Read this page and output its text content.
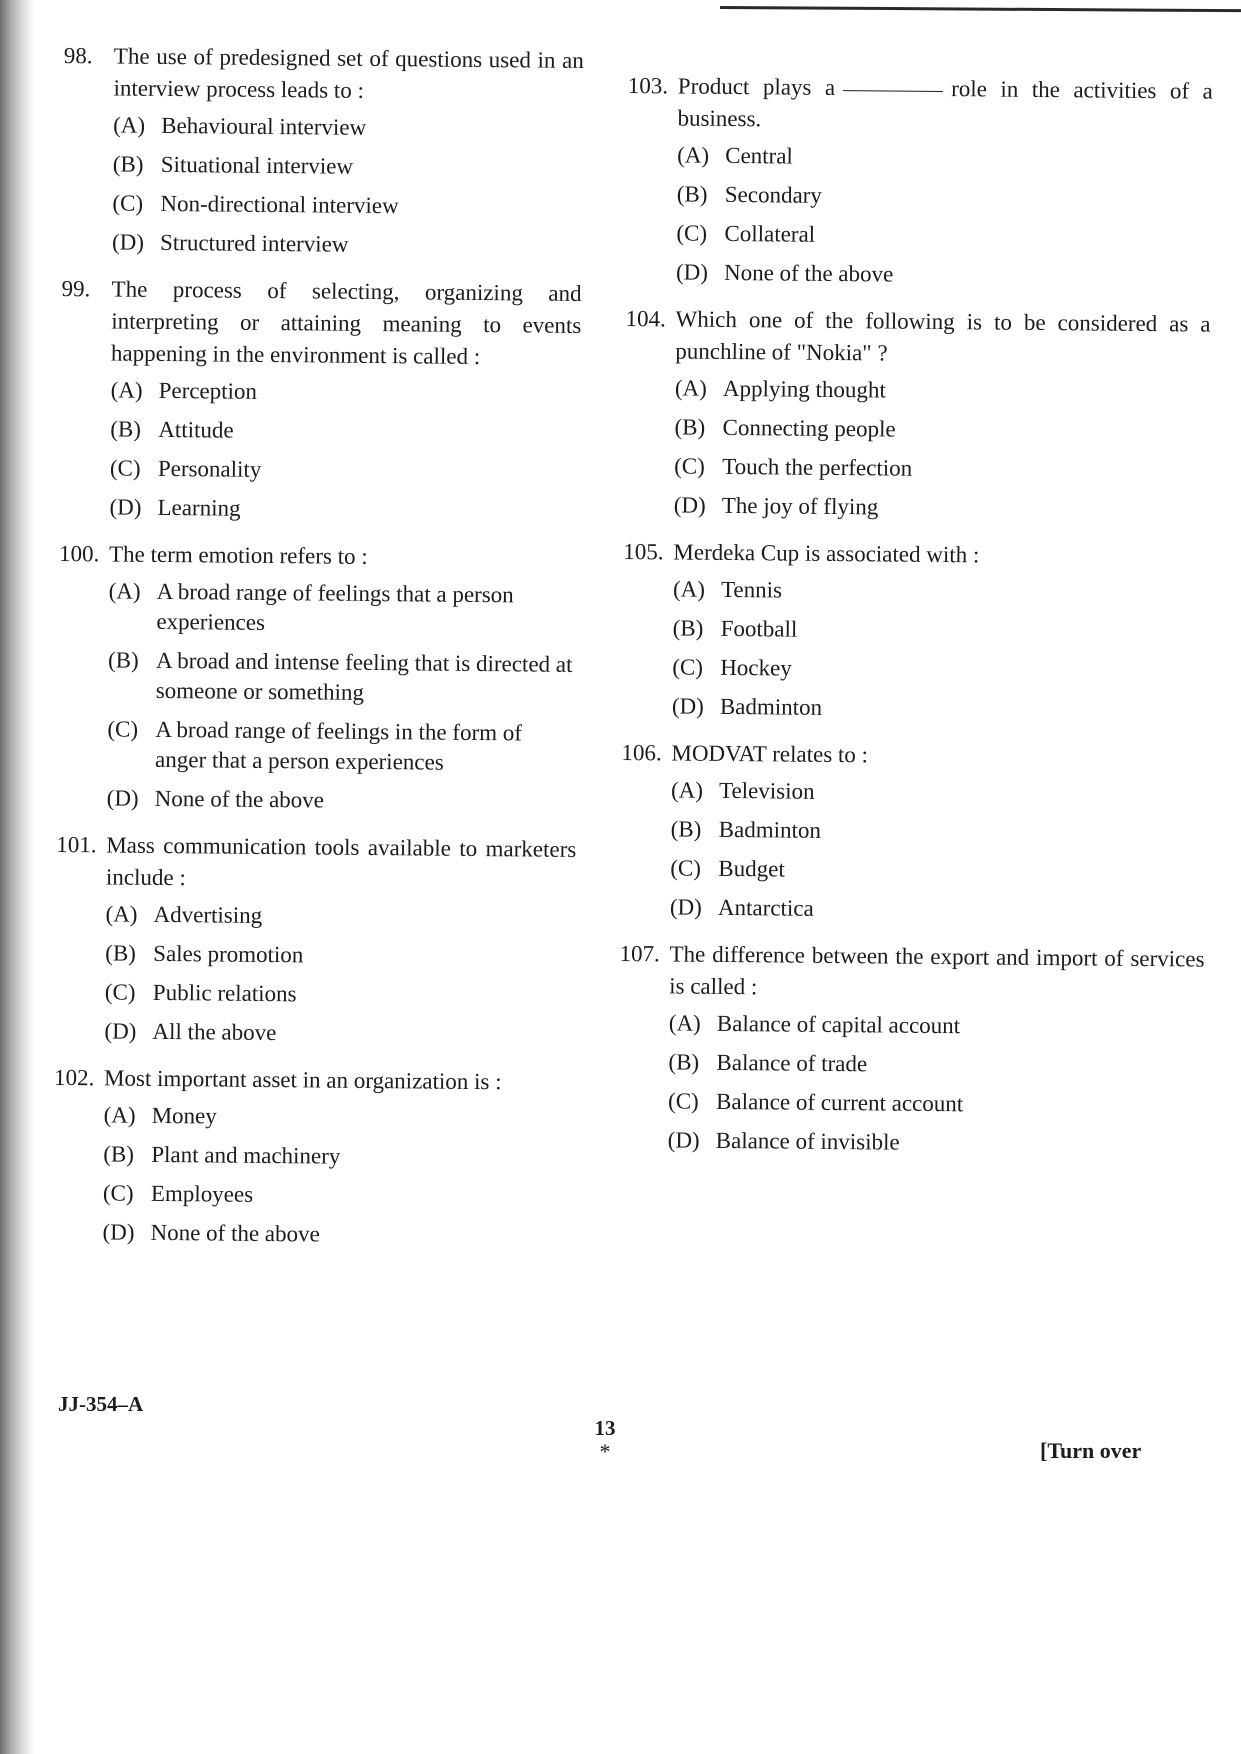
98. The use of predesigned set of questions used in an interview process leads to :
(A) Behavioural interview
(B) Situational interview
(C) Non-directional interview
(D) Structured interview
99. The process of selecting, organizing and interpreting or attaining meaning to events happening in the environment is called :
(A) Perception
(B) Attitude
(C) Personality
(D) Learning
100. The term emotion refers to :
(A) A broad range of feelings that a person experiences
(B) A broad and intense feeling that is directed at someone or something
(C) A broad range of feelings in the form of anger that a person experiences
(D) None of the above
101. Mass communication tools available to marketers include :
(A) Advertising
(B) Sales promotion
(C) Public relations
(D) All the above
102. Most important asset in an organization is :
(A) Money
(B) Plant and machinery
(C) Employees
(D) None of the above
103. Product plays a	role in the activities of a business.
(A) Central
(B) Secondary
(C) Collateral
(D) None of the above
104. Which one of the following is to be considered as a punchline of "Nokia" ?
(A) Applying thought
(B) Connecting people
(C) Touch the perfection
(D) The joy of flying
105. Merdeka Cup is associated with :
(A) Tennis
(B) Football
(C) Hockey
(D) Badminton
106. MODVAT relates to :
(A) Television
(B) Badminton
(C) Budget
(D) Antarctica
107. The difference between the export and import of services is called :
(A) Balance of capital account
(B) Balance of trade
(C) Balance of current account
(D) Balance of invisible
JJ-354–A
13
*	[Turn over
